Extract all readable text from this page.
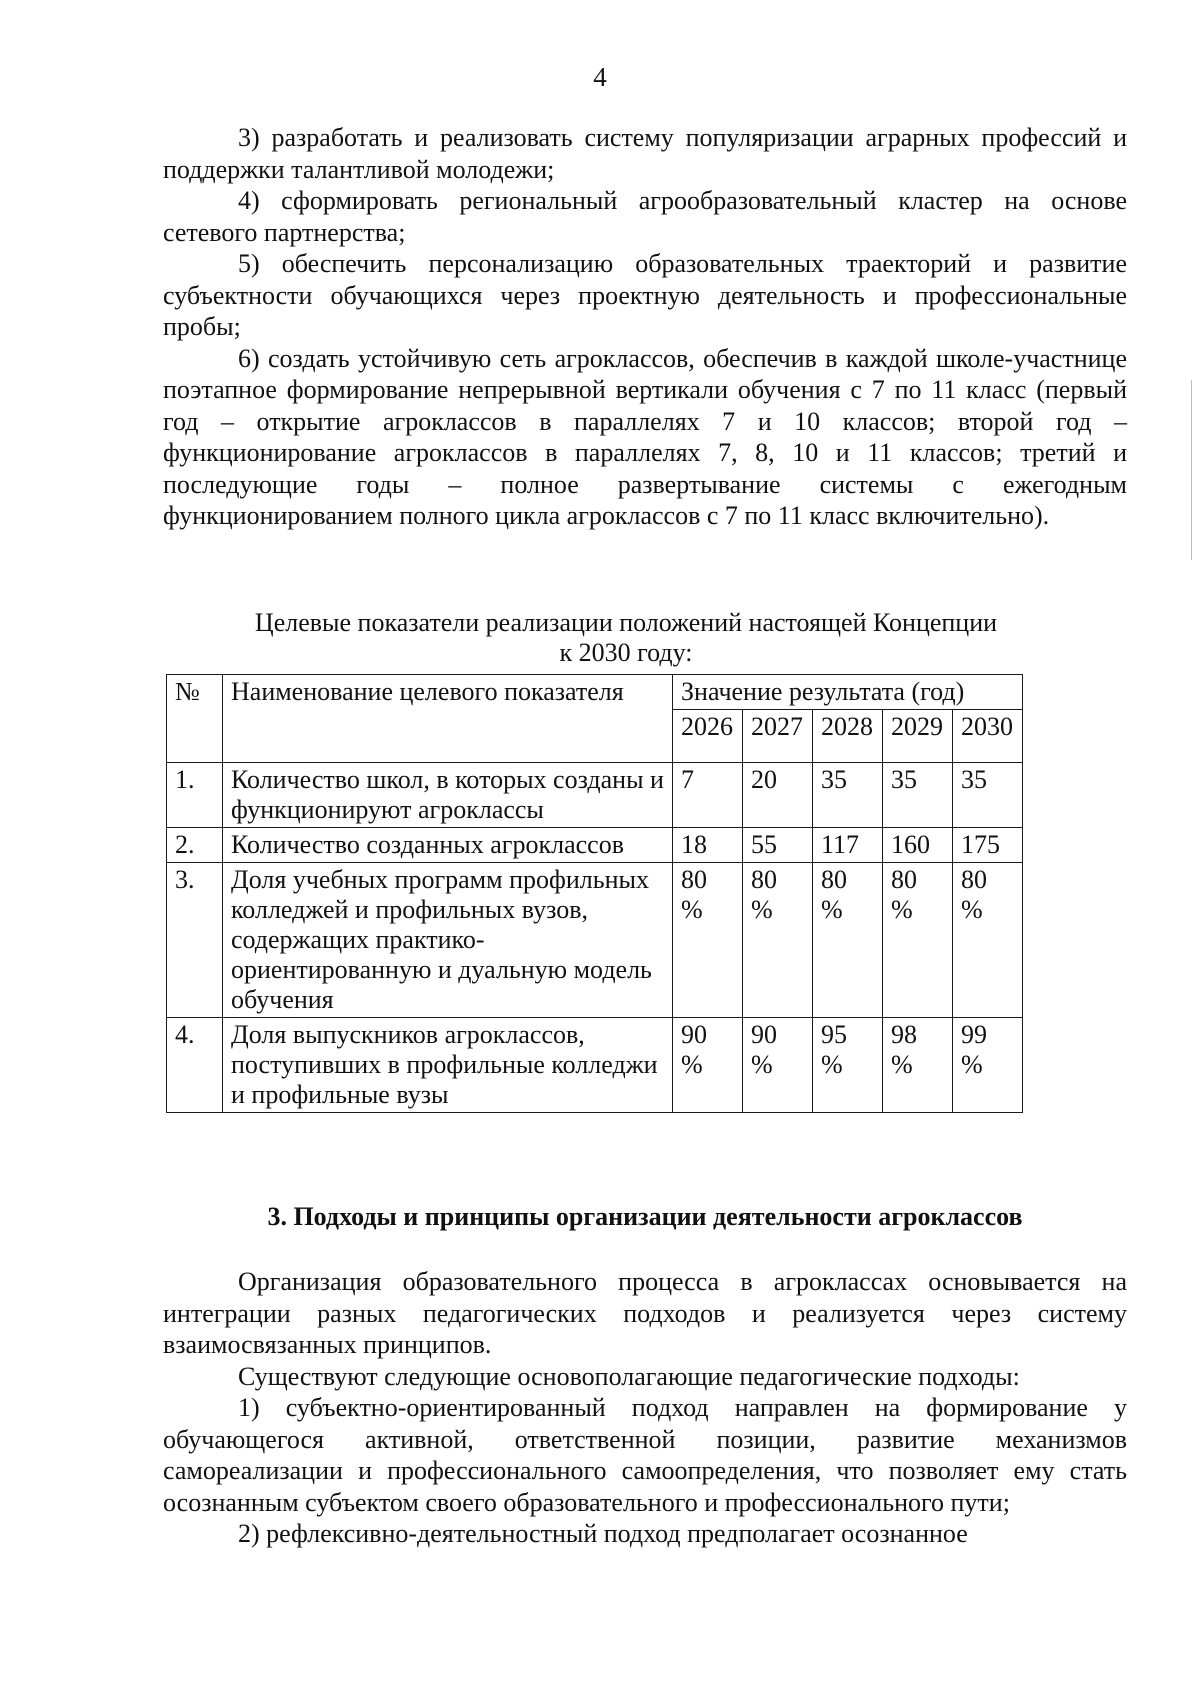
4

3) разработать и реализовать систему популяризации аграрных профессий и поддержки талантливой молодежи;

4) сформировать региональный агрообразовательный кластер на основе сетевого партнерства;

5) обеспечить персонализацию образовательных траекторий и развитие субъектности обучающихся через проектную деятельность и профессиональные пробы;

6) создать устойчивую сеть агроклассов, обеспечив в каждой школе-участнице поэтапное формирование непрерывной вертикали обучения с 7 по 11 класс (первый год – открытие агроклассов в параллелях 7 и 10 классов; второй год – функционирование агроклассов в параллелях 7, 8, 10 и 11 классов; третий и последующие годы – полное развертывание системы с ежегодным функционированием полного цикла агроклассов с 7 по 11 класс включительно).

Целевые показатели реализации положений настоящей Концепции
к 2030 году:
№	Наименование целевого показателя	Значение результата (год)				
		2026	2027	2028	2029	2030
1.	Количество школ, в которых созданы и функционируют агроклассы	7	20	35	35	35
2.	Количество созданных агроклассов	18	55	117	160	175
3.	Доля учебных программ профильных колледжей и профильных вузов, содержащих практико-ориентированную и дуальную модель обучения	80 %	80 %	80 %	80 %	80 %
4.	Доля выпускников агроклассов, поступивших в профильные колледжи и профильные вузы	90 %	90 %	95 %	98 %	99 %
3. Подходы и принципы организации деятельности агроклассов

Организация образовательного процесса в агроклассах основывается на интеграции разных педагогических подходов и реализуется через систему взаимосвязанных принципов.

Существуют следующие основополагающие педагогические подходы:

1) субъектно-ориентированный подход направлен на формирование у обучающегося активной, ответственной позиции, развитие механизмов самореализации и профессионального самоопределения, что позволяет ему стать осознанным субъектом своего образовательного и профессионального пути;

2) рефлексивно-деятельностный подход предполагает осознанное
